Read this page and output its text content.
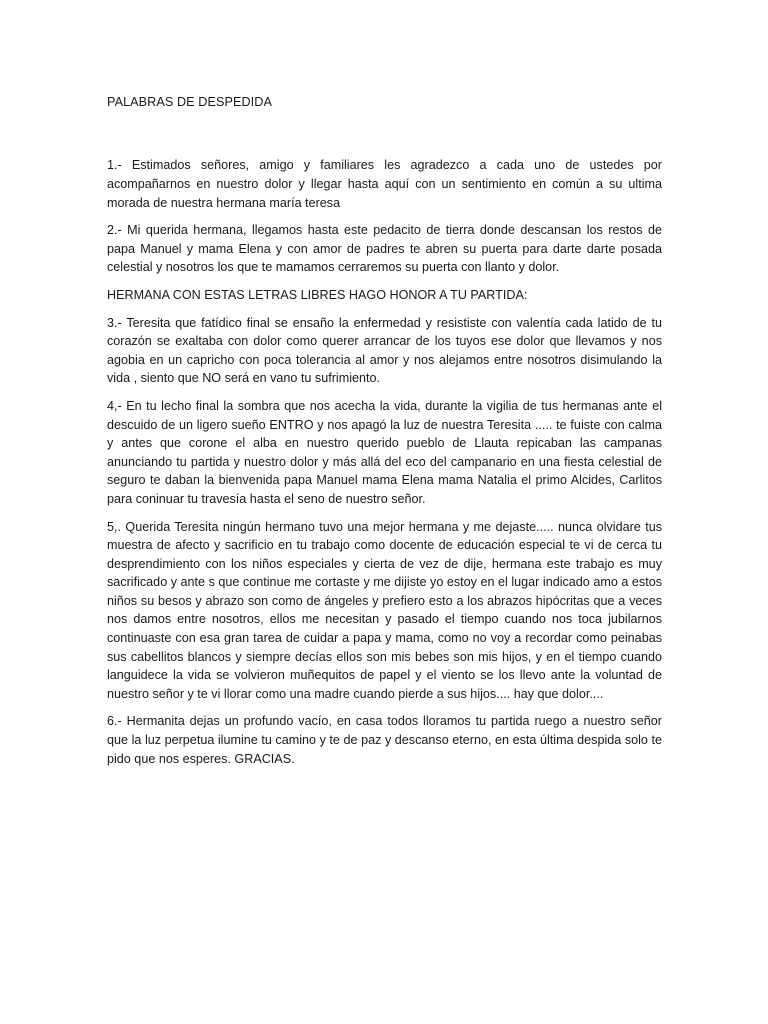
PALABRAS DE DESPEDIDA

1.- Estimados señores, amigo y familiares les agradezco a cada uno de ustedes por acompañarnos en nuestro dolor y llegar hasta aquí con un sentimiento en común a su ultima morada de nuestra hermana maría teresa

2.- Mi querida hermana, llegamos hasta este pedacito de tierra donde descansan los restos de papa Manuel y mama Elena y con amor de padres te abren su puerta para darte darte posada celestial y nosotros los que te mamamos cerraremos su puerta con llanto y dolor.

HERMANA CON ESTAS LETRAS LIBRES HAGO HONOR A TU PARTIDA:

3.- Teresita que fatídico final se ensaño la enfermedad y resististe con valentía cada latido de tu corazón se exaltaba con dolor como querer arrancar de los tuyos ese dolor que llevamos y nos agobia en un capricho con poca tolerancia al amor y nos alejamos entre nosotros disimulando la vida , siento que NO será en vano tu sufrimiento.

4,- En tu lecho final la sombra que nos acecha la vida, durante la vigilia de tus hermanas ante el descuido de un ligero sueño ENTRO y nos apagó la luz de nuestra Teresita ..... te fuiste con calma y antes que corone el alba en nuestro querido pueblo de Llauta repicaban las campanas anunciando tu partida y nuestro dolor y más allá del eco del campanario en una fiesta celestial de seguro te daban la bienvenida papa Manuel mama Elena mama Natalia el primo Alcides, Carlitos para coninuar tu travesía hasta el seno de nuestro señor.

5,. Querida Teresita ningún hermano tuvo una mejor hermana y me dejaste..... nunca olvidare tus muestra de afecto y sacrificio en tu trabajo como docente de educación especial te vi de cerca tu desprendimiento con los niños especiales y cierta de vez de dije, hermana este trabajo es muy sacrificado y ante s que continue me cortaste y me dijiste yo estoy en el lugar indicado amo a estos niños su besos y abrazo son como de ángeles y prefiero esto a los abrazos hipócritas que a veces nos damos entre nosotros, ellos me necesitan y pasado el tiempo cuando nos toca jubilarnos continuaste con esa gran tarea de cuidar a papa y mama, como no voy a recordar como peinabas sus cabellitos blancos y siempre decías ellos son mis bebes son mis hijos, y en el tiempo cuando languidece la vida se volvieron muñequitos de papel y el viento se los llevo ante la voluntad de nuestro señor y te vi llorar como una madre cuando pierde a sus hijos.... hay que dolor....

6.- Hermanita dejas un profundo vacío, en casa todos lloramos tu partida ruego a nuestro señor que la luz perpetua ilumine tu camino y te de paz y descanso eterno, en esta última despida solo te pido que nos esperes. GRACIAS.
